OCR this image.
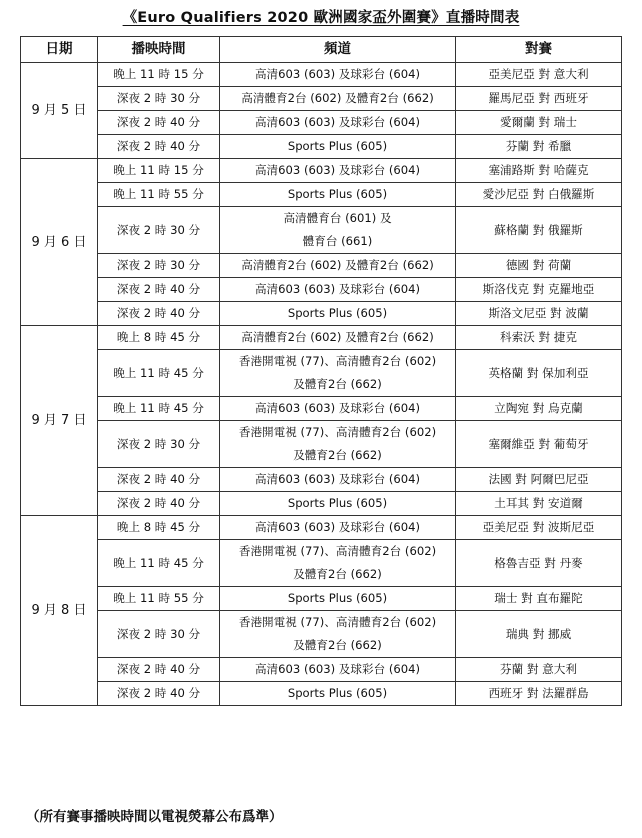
《Euro Qualifiers 2020 歐洲國家盃外圍賽》直播時間表
日期	播映時間	頻道	對賽
9 月 5 日	晚上 11 時 15 分	高清603 (603) 及球彩台 (604)	亞美尼亞 對 意大利
	深夜 2 時 30 分	高清體育2台 (602) 及體育2台 (662)	羅馬尼亞 對 西班牙
	深夜 2 時 40 分	高清603 (603) 及球彩台 (604)	愛爾蘭 對 瑞士
	深夜 2 時 40 分	Sports Plus (605)	芬蘭 對 希臘
9 月 6 日	晚上 11 時 15 分	高清603 (603) 及球彩台 (604)	塞浦路斯 對 哈薩克
	晚上 11 時 55 分	Sports Plus (605)	愛沙尼亞 對 白俄羅斯
	深夜 2 時 30 分	高清體育台 (601) 及
體育台 (661)	蘇格蘭 對 俄羅斯
	深夜 2 時 30 分	高清體育2台 (602) 及體育2台 (662)	德國 對 荷蘭
	深夜 2 時 40 分	高清603 (603) 及球彩台 (604)	斯洛伐克 對 克羅地亞
	深夜 2 時 40 分	Sports Plus (605)	斯洛文尼亞 對 波蘭
9 月 7 日	晚上 8 時 45 分	高清體育2台 (602) 及體育2台 (662)	科索沃 對 捷克
	晚上 11 時 45 分	香港開電視 (77)、高清體育2台 (602)
及體育2台 (662)	英格蘭 對 保加利亞
	晚上 11 時 45 分	高清603 (603) 及球彩台 (604)	立陶宛 對 烏克蘭
	深夜 2 時 30 分	香港開電視 (77)、高清體育2台 (602)
及體育2台 (662)	塞爾維亞 對 葡萄牙
	深夜 2 時 40 分	高清603 (603) 及球彩台 (604)	法國 對 阿爾巴尼亞
	深夜 2 時 40 分	Sports Plus (605)	土耳其 對 安道爾
9 月 8 日	晚上 8 時 45 分	高清603 (603) 及球彩台 (604)	亞美尼亞 對 波斯尼亞
	晚上 11 時 45 分	香港開電視 (77)、高清體育2台 (602)
及體育2台 (662)	格魯吉亞 對 丹麥
	晚上 11 時 55 分	Sports Plus (605)	瑞士 對 直布羅陀
	深夜 2 時 30 分	香港開電視 (77)、高清體育2台 (602)
及體育2台 (662)	瑞典 對 挪威
	深夜 2 時 40 分	高清603 (603) 及球彩台 (604)	芬蘭 對 意大利
	深夜 2 時 40 分	Sports Plus (605)	西班牙 對 法羅群島
（所有賽事播映時間以電視熒幕公布爲準）
